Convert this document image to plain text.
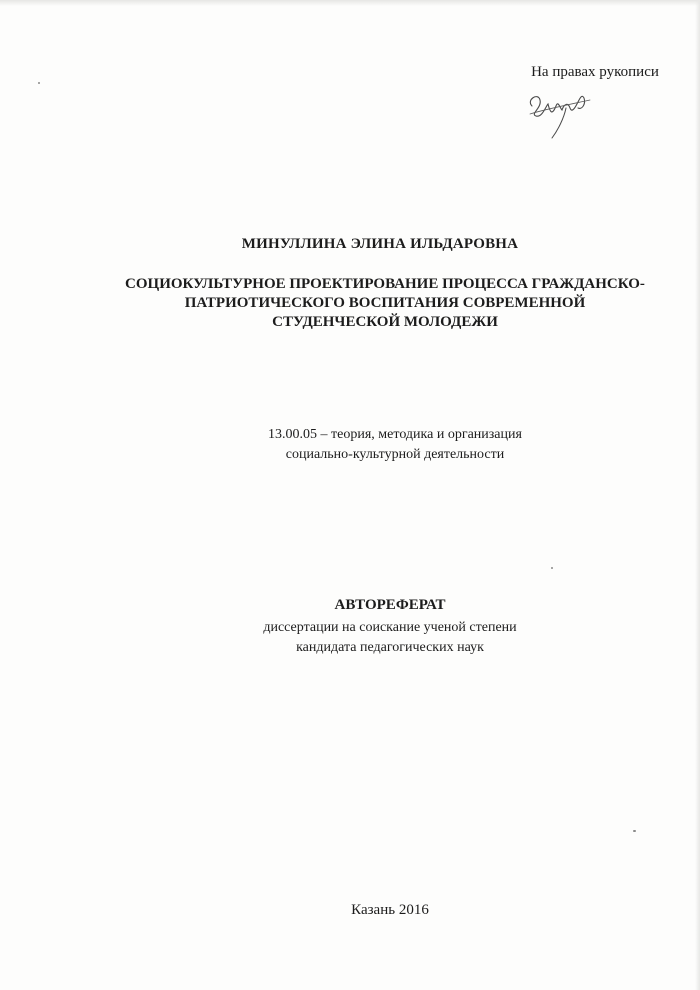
На правах рукописи
МИНУЛЛИНА ЭЛИНА ИЛЬДАРОВНА
СОЦИОКУЛЬТУРНОЕ ПРОЕКТИРОВАНИЕ ПРОЦЕССА ГРАЖДАНСКО-
ПАТРИОТИЧЕСКОГО ВОСПИТАНИЯ СОВРЕМЕННОЙ
СТУДЕНЧЕСКОЙ МОЛОДЕЖИ
13.00.05 – теория, методика и организация
социально-культурной деятельности
АВТОРЕФЕРАТ
диссертации на соискание ученой степени
кандидата педагогических наук
Казань 2016
